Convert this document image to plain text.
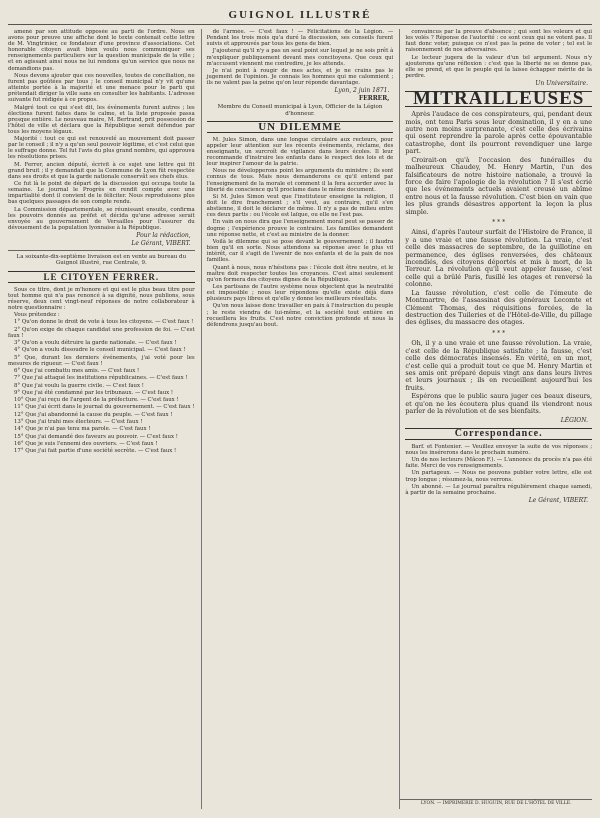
GUIGNOL ILLUSTRÉ

amené par son attitude opposée au parti de l'ordre. Nous en avons pour preuve une affiche dont le texte contenait cette lettre de M. Vingtrinier, ce fondateur d'une province d'associations. Cet honorable citoyen avait bien voulu nous communiquer ses renseignements particuliers sur la question municipale de la ville ; et en agissant ainsi nous ne lui rendons qu'un service que nous ne demandions pas.

Nous devons ajouter que ces nouvelles, toutes de conciliation, ne furent pas goûtées par tous ; le conseil municipal n'y vit qu'une atteinte portée à la majorité et une menace pour le parti qui prétendait diriger la ville sans en consulter les habitants. L'adresse suivante fut rédigée à ce propos.

Malgré tout ce qui s'est dit, les événements furent autres ; les élections furent faites dans le calme, et la liste proposée passa presque entière. Le nouveau maire, M. Bertrand, prit possession de l'hôtel de ville et déclara que la République serait défendue par tous les moyens légaux.

Majorité : tout ce qui est renouvelé au mouvement doit passer par le conseil ; il n'y a qu'un seul pouvoir légitime, et c'est celui que le suffrage donne. Tel fut l'avis du plus grand nombre, qui approuva les résolutions prises.

M. Ferrer, ancien député, écrivit à ce sujet une lettre qui fit grand bruit ; il y demandait que la Commune de Lyon fût respectée dans ses droits et que la garde nationale conservât ses chefs élus.

Ce fut là le point de départ de la discussion qui occupa toute la semaine. Le journal le Progrès en rendit compte avec une impartialité dont il convient de le féliciter. Nous reproduisons plus bas quelques passages de son compte rendu.

La Commission départementale, se réunissant ensuite, confirma les pouvoirs donnés au préfet et décida qu'une adresse serait envoyée au gouvernement de Versailles pour l'assurer du dévouement de la population lyonnaise à la République.

Pour la rédaction,
Le Gérant, VIBERT.
La soixante-dix-septième livraison est en vente au bureau du Guignol illustré, rue Centrale, 9.
LE CITOYEN FERRER.

Sous ce titre, dont je m'honore et qui est le plus beau titre pour tout homme qui n'a pas renoncé à sa dignité, nous publions, sous réserve, deux cent vingt-neuf réponses de notre collaborateur à notre questionnaire :

Vous prétendez :

1° Qu'on donne le droit de vote à tous les citoyens. — C'est faux !

2° Qu'on exige de chaque candidat une profession de foi. — C'est faux !

3° Qu'on a voulu détruire la garde nationale. — C'est faux !

4° Qu'on a voulu dissoudre le conseil municipal. — C'est faux !

5° Que, durant les derniers événements, j'ai voté pour les mesures de rigueur. — C'est faux !

6° Que j'ai combattu mes amis. — C'est faux !

7° Que j'ai attaqué les institutions républicaines. — C'est faux !

8° Que j'ai voulu la guerre civile. — C'est faux !

9° Que j'ai été condamné par les tribunaux. — C'est faux !

10° Que j'ai reçu de l'argent de la préfecture. — C'est faux !

11° Que j'ai écrit dans le journal du gouvernement. — C'est faux !

12° Que j'ai abandonné la cause du peuple. — C'est faux !

13° Que j'ai trahi mes électeurs. — C'est faux !

14° Que je n'ai pas tenu ma parole. — C'est faux !

15° Que j'ai demandé des faveurs au pouvoir. — C'est faux !

16° Que je suis l'ennemi des ouvriers. — C'est faux !

17° Que j'ai fait partie d'une société secrète. — C'est faux !

de l'armée. — C'est faux ! — Félicitations de la Légion. — Pendant les trois mois qu'a duré la discussion, ses conseils furent suivis et approuvés par tous les gens de bien.

J'ajouterai qu'il n'y a pas un seul point sur lequel je ne sois prêt à m'expliquer publiquement devant mes concitoyens. Que ceux qui m'accusent viennent me contredire, je les attends.

Je n'ai point à rougir de mes actes, et je ne crains pas le jugement de l'opinion. Je connais les hommes qui me calomnient ; ils ne valent pas la peine qu'on leur réponde davantage.

Lyon, 2 juin 1871.
FERRER,
Membre du Conseil municipal à Lyon, Officier de la Légion d'honneur.
UN DILEMME

M. Jules Simon, dans une longue circulaire aux recteurs, pour appeler leur attention sur les récents événements, réclame, des enseignants, un surcroît de vigilance dans leurs écoles. Il leur recommande d'instruire les enfants dans le respect des lois et de leur inspirer l'amour de la patrie.

Nous ne développerons point les arguments du ministre ; ils sont connus de tous. Mais nous demanderons ce qu'il entend par l'enseignement de la morale et comment il la fera accorder avec la liberté de conscience qu'il proclame dans le même document.

Si M. Jules Simon veut que l'instituteur enseigne la religion, il doit le dire franchement ; s'il veut, au contraire, qu'il s'en abstienne, il doit le déclarer de même. Il n'y a pas de milieu entre ces deux partis : ou l'école est laïque, ou elle ne l'est pas.

En vain on nous dira que l'enseignement moral peut se passer de dogme ; l'expérience prouve le contraire. Les familles demandent une réponse nette, et c'est au ministre de la donner.

Voilà le dilemme qui se pose devant le gouvernement ; il faudra bien qu'il en sorte. Nous attendons sa réponse avec le plus vif intérêt, car il s'agit de l'avenir de nos enfants et de la paix de nos familles.

Quant à nous, nous n'hésitons pas : l'école doit être neutre, et le maître doit respecter toutes les croyances. C'est ainsi seulement qu'on formera des citoyens dignes de la République.

Les partisans de l'autre système nous objectent que la neutralité est impossible ; nous leur répondons qu'elle existe déjà dans plusieurs pays libres et qu'elle y donne les meilleurs résultats.

Qu'on nous laisse donc travailler en paix à l'instruction du peuple ; le reste viendra de lui-même, et la société tout entière en recueillera les fruits. C'est notre conviction profonde et nous la défendrons jusqu'au bout.

convaincus par la preuve d'absence ; qui sont les voleurs et qui les volés ? Réponse de l'autorité : ce sont ceux qui ne votent pas. Il faut donc voter, puisque ce n'est pas la peine de voter ; tel est le raisonnement de nos adversaires.

Le lecteur jugera de la valeur d'un tel argument. Nous n'y ajouterons qu'une réflexion : c'est que la liberté ne se donne pas, elle se prend, et que le peuple qui la laisse échapper mérite de la perdre.

Un Universitaire.
MITRAILLEUSES

Après l'audace de ces conspirateurs, qui, pendant deux mois, ont tenu Paris sous leur domination, il y en a une autre non moins surprenante, c'est celle des écrivains qui osent reprendre la parole après cette épouvantable catastrophe, dont ils pourront revendiquer une large part.

Croirait-on qu'à l'occasion des funérailles du malheureux Chaudey, M. Henry Martin, l'un des falsificateurs de notre histoire nationale, a trouvé la force de faire l'apologie de la révolution ? Il s'est écrié que les événements actuels avaient creusé un abîme entre nous et la fausse révolution. C'est bien en vain que les plus grands désastres apportent la leçon la plus simple.

* * *

Ainsi, d'après l'auteur surfait de l'Histoire de France, il y a une vraie et une fausse révolution. La vraie, c'est celle des massacres de septembre, de la guillotine en permanence, des églises renversées, des châteaux incendiés, des citoyens déportés et mis à mort, de la Terreur. La révolution qu'il veut appeler fausse, c'est celle qui a brûlé Paris, fusillé les otages et renversé la colonne.

La fausse révolution, c'est celle de l'émeute de Montmartre, de l'assassinat des généraux Lecomte et Clément Thomas, des réquisitions forcées, de la destruction des Tuileries et de l'Hôtel-de-Ville, du pillage des églises, du massacre des otages.

* * *

Oh, il y a une vraie et une fausse révolution. La vraie, c'est celle de la République satisfaite ; la fausse, c'est celle des démocrates insensés. En vérité, en un mot, c'est celle qui a produit tout ce que M. Henry Martin et ses amis ont préparé depuis vingt ans dans leurs livres et leurs journaux ; ils en recueillent aujourd'hui les fruits.

Espérons que le public saura juger ces beaux diseurs, et qu'on ne les écoutera plus quand ils viendront nous parler de la révolution et de ses bienfaits.

LÉGION.
Correspondance.

Barf. et Fontenier. — Veuillez envoyer la suite de vos réponses ; nous les insérerons dans le prochain numéro.

Un de nos lecteurs (Mâcon F.). — L'annonce du procès n'a pas été faite. Merci de vos renseignements.

Un partageux. — Nous ne pouvons publier votre lettre, elle est trop longue ; résumez-la, nous verrons.

Un abonné. — Le journal paraîtra régulièrement chaque samedi, à partir de la semaine prochaine.

Le Gérant, VIBERT.
LYON. — IMPRIMERIE D. HUGUIN, RUE DE L'HÔTEL DE VILLE.
